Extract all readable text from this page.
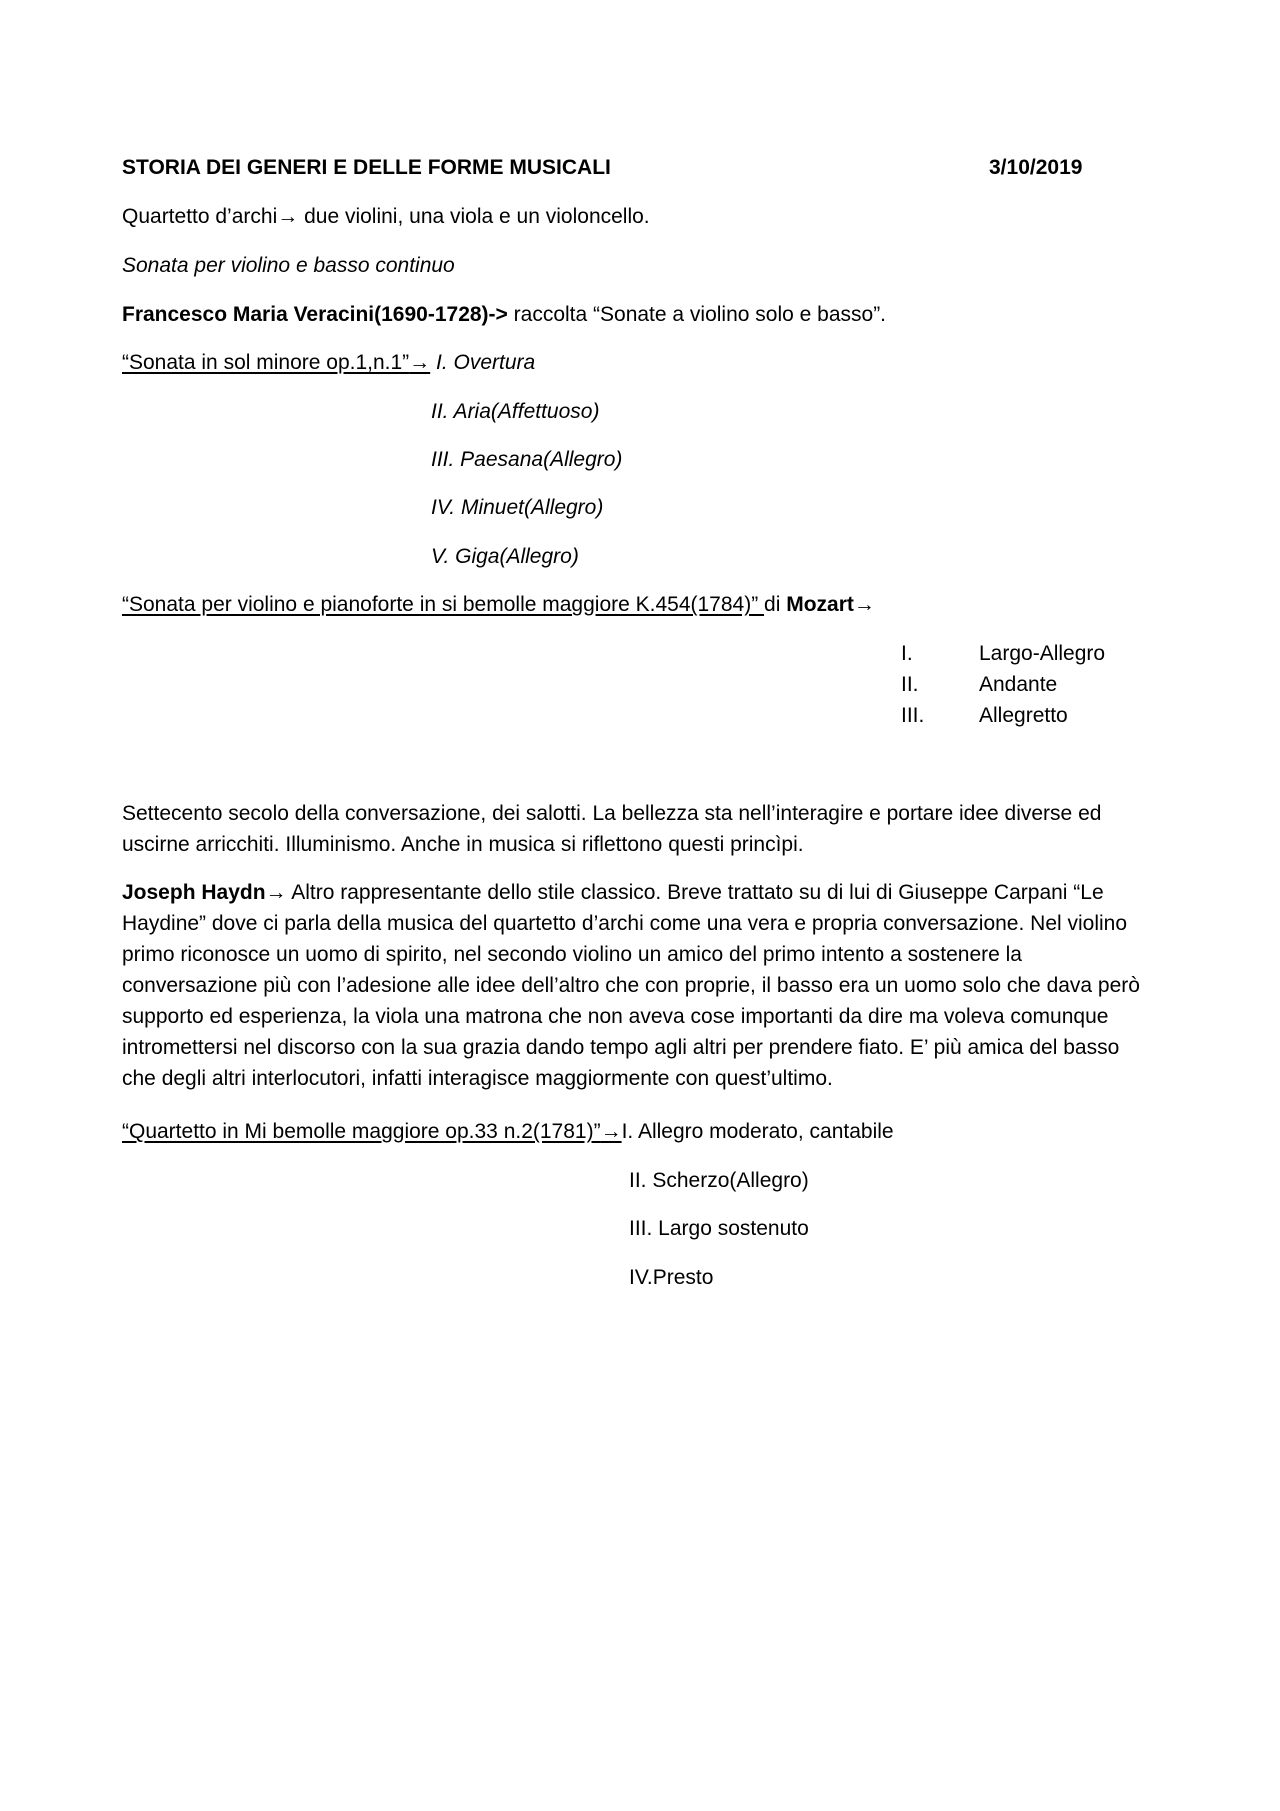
STORIA DEI GENERI E DELLE FORME MUSICALI	3/10/2019
Quartetto d’archi→ due violini, una viola e un violoncello.
Sonata per violino e basso continuo
Francesco Maria Veracini(1690-1728)-> raccolta “Sonate a violino solo e basso”.
“Sonata in sol minore op.1,n.1”→ I. Overtura
II. Aria(Affettuoso)
III. Paesana(Allegro)
IV. Minuet(Allegro)
V. Giga(Allegro)
“Sonata per violino e pianoforte in si bemolle maggiore K.454(1784)” di Mozart→
I.	Largo-Allegro
II.	Andante
III.	Allegretto

Settecento secolo della conversazione, dei salotti. La bellezza sta nell’interagire e portare idee diverse ed uscirne arricchiti. Illuminismo. Anche in musica si riflettono questi princìpi.

Joseph Haydn→ Altro rappresentante dello stile classico. Breve trattato su di lui di Giuseppe Carpani “Le Haydine” dove ci parla della musica del quartetto d’archi come una vera e propria conversazione. Nel violino primo riconosce un uomo di spirito, nel secondo violino un amico del primo intento a sostenere la conversazione più con l’adesione alle idee dell’altro che con proprie, il basso era un uomo solo che dava però supporto ed esperienza, la viola una matrona che non aveva cose importanti da dire ma voleva comunque intromettersi nel discorso con la sua grazia dando tempo agli altri per prendere fiato. E’ più amica del basso che degli altri interlocutori, infatti interagisce maggiormente con quest’ultimo.

“Quartetto in Mi bemolle maggiore op.33 n.2(1781)”→I. Allegro moderato, cantabile
II. Scherzo(Allegro)
III. Largo sostenuto
IV.Presto
